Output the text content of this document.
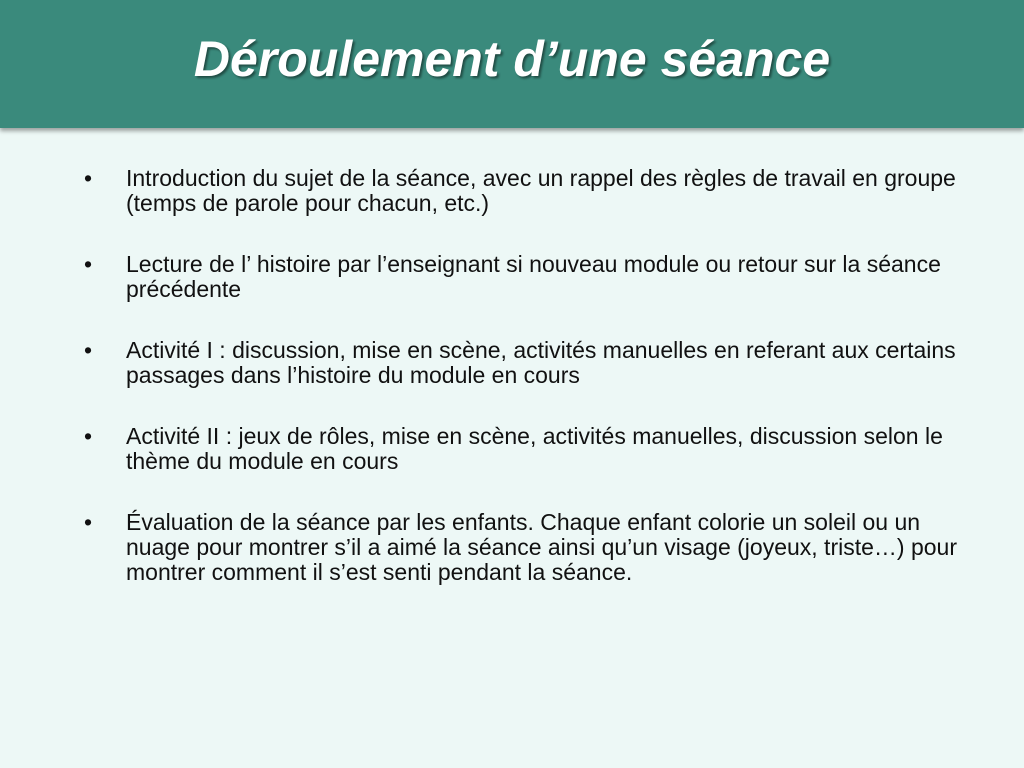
Déroulement d’une séance
•	Introduction du sujet de la séance, avec un rappel des règles de travail en groupe (temps de parole pour chacun, etc.)
•	Lecture de l’ histoire par l’enseignant si nouveau module ou retour sur la séance précédente
•	Activité I : discussion, mise en scène, activités manuelles en referant aux certains passages dans l’histoire du module en cours
•	Activité II : jeux de rôles, mise en scène, activités manuelles, discussion selon le thème du module en cours
•	Évaluation de la séance par les enfants. Chaque enfant colorie un soleil ou un nuage pour montrer s’il a aimé la séance ainsi qu’un visage (joyeux, triste…) pour montrer comment il s’est senti pendant la séance.
